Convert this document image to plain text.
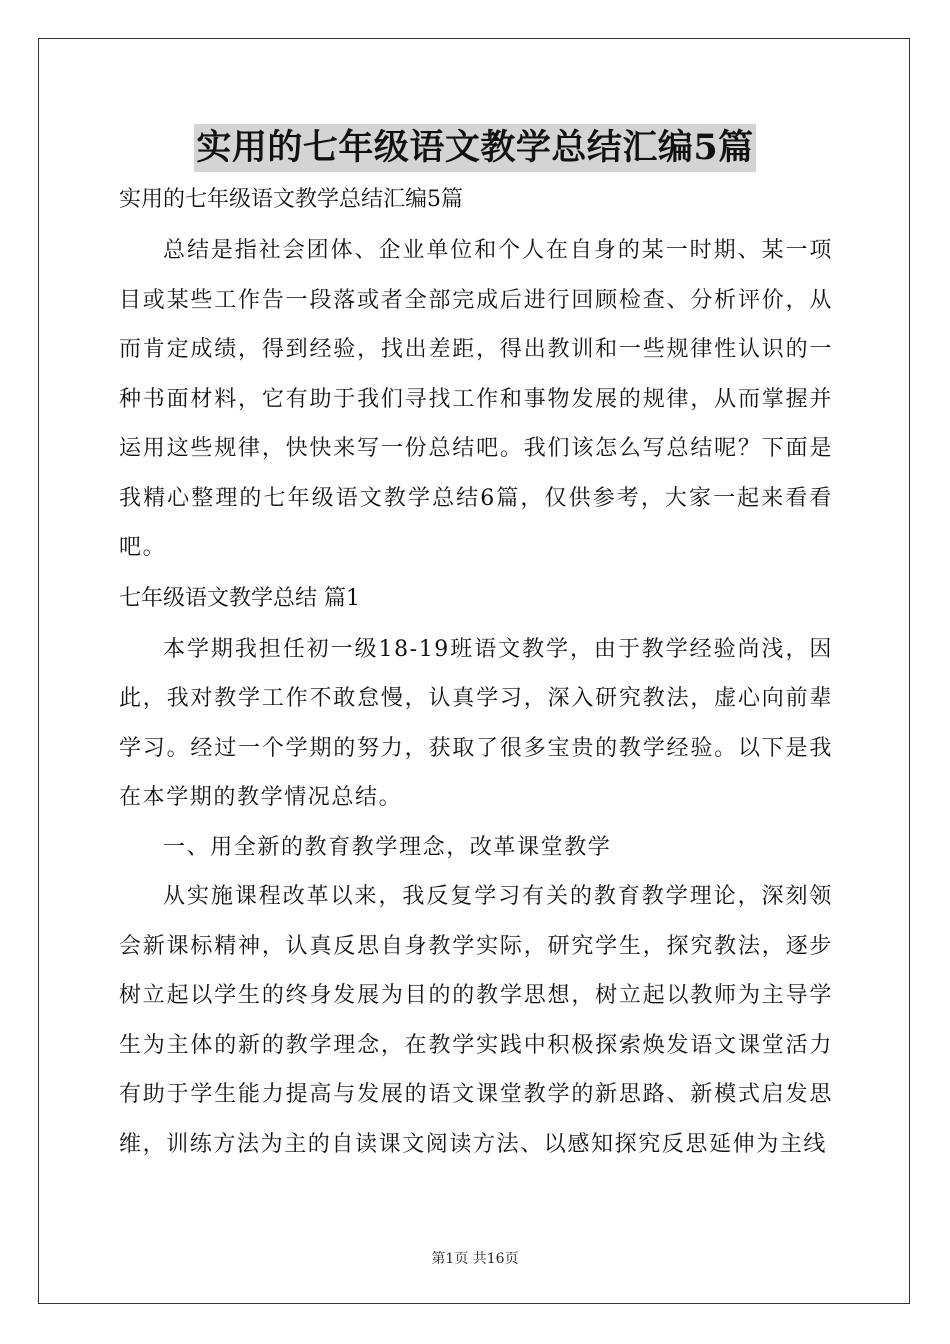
实用的七年级语文教学总结汇编5篇

实用的七年级语文教学总结汇编5篇

总结是指社会团体、企业单位和个人在自身的某一时期、某一项目或某些工作告一段落或者全部完成后进行回顾检查、分析评价，从而肯定成绩，得到经验，找出差距，得出教训和一些规律性认识的一种书面材料，它有助于我们寻找工作和事物发展的规律，从而掌握并运用这些规律，快快来写一份总结吧。我们该怎么写总结呢？下面是我精心整理的七年级语文教学总结6篇，仅供参考，大家一起来看看吧。

七年级语文教学总结 篇1

本学期我担任初一级18-19班语文教学，由于教学经验尚浅，因此，我对教学工作不敢怠慢，认真学习，深入研究教法，虚心向前辈学习。经过一个学期的努力，获取了很多宝贵的教学经验。以下是我在本学期的教学情况总结。

一、用全新的教育教学理念，改革课堂教学

从实施课程改革以来，我反复学习有关的教育教学理论，深刻领会新课标精神，认真反思自身教学实际，研究学生，探究教法，逐步树立起以学生的终身发展为目的的教学思想，树立起以教师为主导学生为主体的新的教学理念，在教学实践中积极探索焕发语文课堂活力有助于学生能力提高与发展的语文课堂教学的新思路、新模式启发思维，训练方法为主的自读课文阅读方法、以感知探究反思延伸为主线

第1页 共16页
